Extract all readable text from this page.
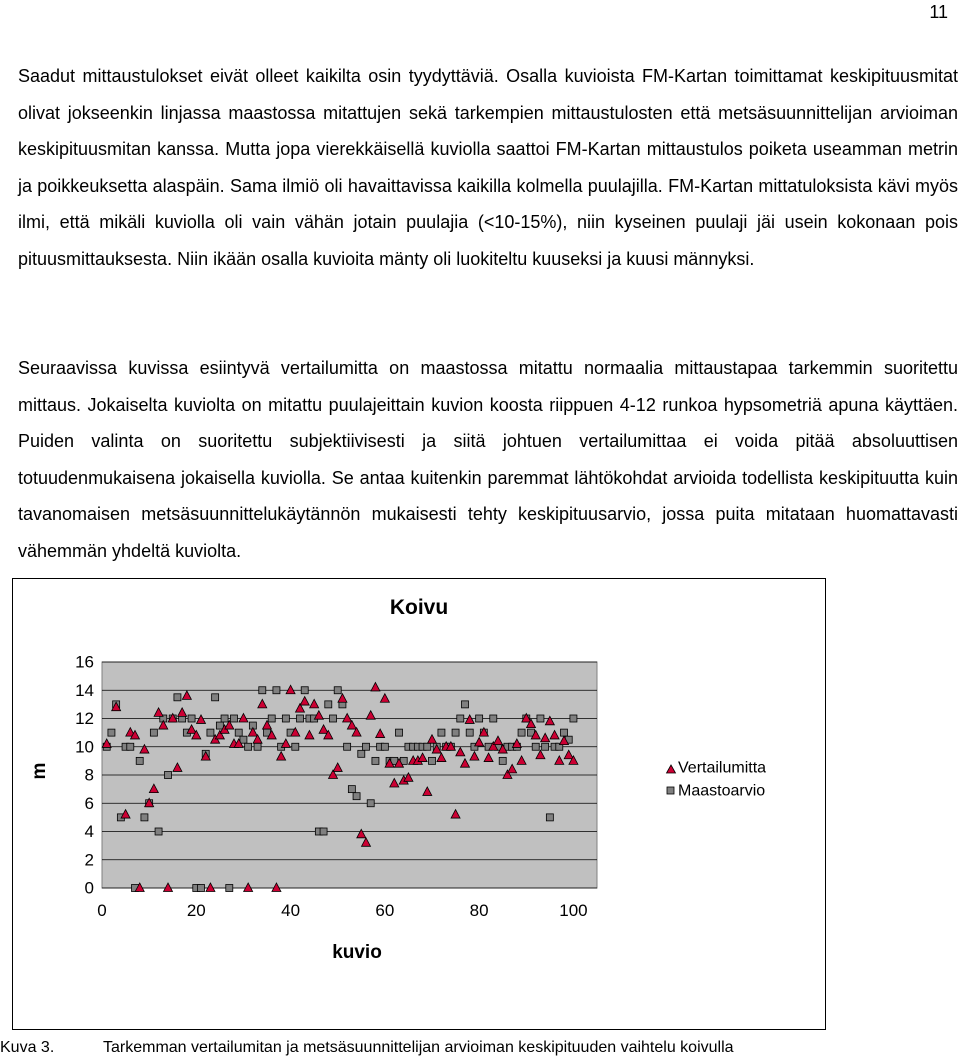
11

Saadut mittaustulokset eivät olleet kaikilta osin tyydyttäviä. Osalla kuvioista FM-Kartan toimittamat keskipituusmitat olivat jokseenkin linjassa maastossa mitattujen sekä tarkempien mittaustulosten että metsäsuunnittelijan arvioiman keskipituusmitan kanssa. Mutta jopa vierekkäisellä kuviolla saattoi FM-Kartan mittaustulos poiketa useamman metrin ja poikkeuksetta alaspäin. Sama ilmiö oli havaittavissa kaikilla kolmella puulajilla. FM-Kartan mittatuloksista kävi myös ilmi, että mikäli kuviolla oli vain vähän jotain puulajia (<10-15%), niin kyseinen puulaji jäi usein kokonaan pois pituusmittauksesta. Niin ikään osalla kuvioita mänty oli luokiteltu kuuseksi ja kuusi männyksi.

Seuraavissa kuvissa esiintyvä vertailumitta on maastossa mitattu normaalia mittaustapaa tarkemmin suoritettu mittaus. Jokaiselta kuviolta on mitattu puulajeittain kuvion koosta riippuen 4-12 runkoa hypsometriä apuna käyttäen. Puiden valinta on suoritettu subjektiivisesti ja siitä johtuen vertailumittaa ei voida pitää absoluuttisen totuudenmukaisena jokaisella kuviolla. Se antaa kuitenkin paremmat lähtökohdat arvioida todellista keskipituutta kuin tavanomaisen metsäsuunnittelukäytännön mukaisesti tehty keskipituusarvio, jossa puita mitataan huomattavasti vähemmän yhdeltä kuviolta.

Koivu
0
2
4
6
8
10
12
14
16
0	20	40	60	80	100
m
kuvio
Vertailumitta
Maastoarvio
Kuva 3.	Tarkemman vertailumitan ja metsäsuunnittelijan arvioiman keskipituuden vaihtelu koivulla
